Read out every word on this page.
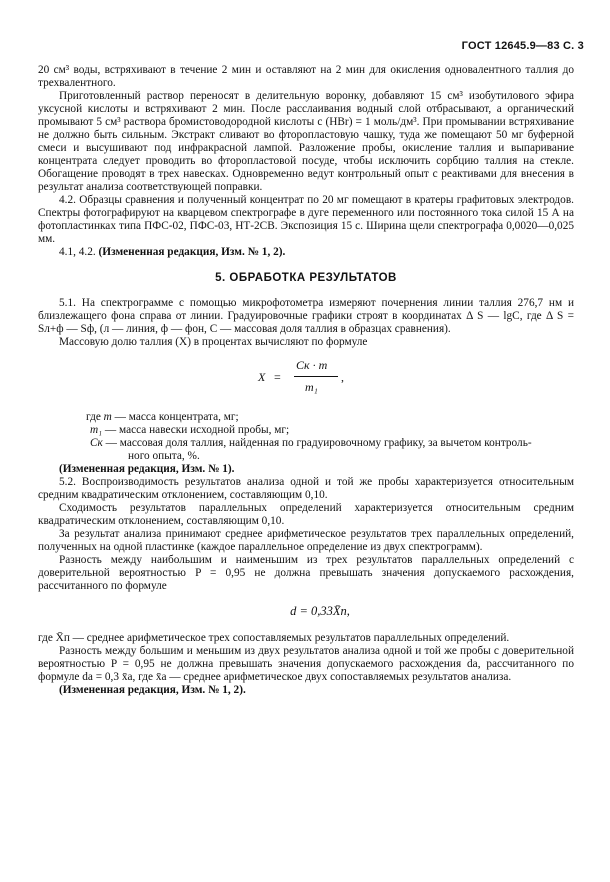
ГОСТ 12645.9—83 С. 3

20 см³ воды, встряхивают в течение 2 мин и оставляют на 2 мин для окисления одновалентного таллия до трехвалентного.

Приготовленный раствор переносят в делительную воронку, добавляют 15 см³ изобутилового эфира уксусной кислоты и встряхивают 2 мин. После расслаивания водный слой отбрасывают, а органический промывают 5 см³ раствора бромистоводородной кислоты c (HBr) = 1 моль/дм³. При промывании встряхивание не должно быть сильным. Экстракт сливают во фторопластовую чашку, туда же помещают 50 мг буферной смеси и высушивают под инфракрасной лампой. Разложение пробы, окисление таллия и выпаривание концентрата следует проводить во фторопластовой посуде, чтобы исключить сорбцию таллия на стекле. Обогащение проводят в трех навесках. Одновременно ведут контрольный опыт с реактивами для внесения в результат анализа соответствующей поправки.

4.2. Образцы сравнения и полученный концентрат по 20 мг помещают в кратеры графитовых электродов. Спектры фотографируют на кварцевом спектрографе в дуге переменного или постоянного тока силой 15 А на фотопластинках типа ПФС-02, ПФС-03, НТ-2СВ. Экспозиция 15 с. Ширина щели спектрографа 0,0020—0,025 мм.

4.1, 4.2. (Измененная редакция, Изм. № 1, 2).

5. ОБРАБОТКА РЕЗУЛЬТАТОВ

5.1. На спектрограмме с помощью микрофотометра измеряют почернения линии таллия 276,7 нм и близлежащего фона справа от линии. Градуировочные графики строят в координатах Δ S — lgC, где Δ S = Sл+ф — Sф, (л — линия, ф — фон, C — массовая доля таллия в образцах сравнения).

Массовую долю таллия (X) в процентах вычисляют по формуле

X =
Cк · m
m₁
,
где m — масса концентрата, мг;
m₁ — масса навески исходной пробы, мг;
Cк — массовая доля таллия, найденная по градуировочному графику, за вычетом контроль-
ного опыта, %.

(Измененная редакция, Изм. № 1).

5.2. Воспроизводимость результатов анализа одной и той же пробы характеризуется относительным средним квадратическим отклонением, составляющим 0,10.

Сходимость результатов параллельных определений характеризуется относительным средним квадратическим отклонением, составляющим 0,10.

За результат анализа принимают среднее арифметическое результатов трех параллельных определений, полученных на одной пластинке (каждое параллельное определение из двух спектрограмм).

Разность между наибольшим и наименьшим из трех результатов параллельных определений с доверительной вероятностью P = 0,95 не должна превышать значения допускаемого расхождения, рассчитанного по формуле

d = 0,33X̄п,

где X̄п — среднее арифметическое трех сопоставляемых результатов параллельных определений.

Разность между большим и меньшим из двух результатов анализа одной и той же пробы с доверительной вероятностью P = 0,95 не должна превышать значения допускаемого расхождения dа, рассчитанного по формуле dа = 0,3 x̄а, где x̄а — среднее арифметическое двух сопоставляемых результатов анализа.

(Измененная редакция, Изм. № 1, 2).
